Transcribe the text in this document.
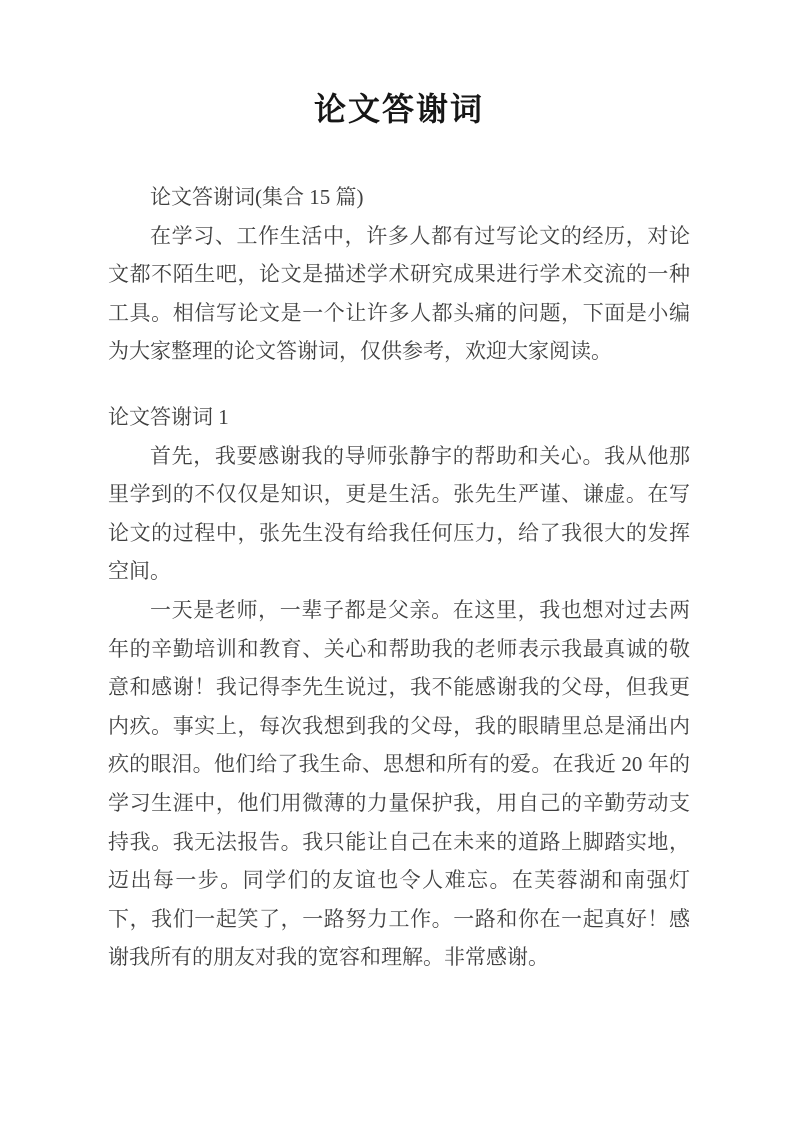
论文答谢词

论文答谢词(集合 15 篇)

在学习、工作生活中，许多人都有过写论文的经历，对论文都不陌生吧，论文是描述学术研究成果进行学术交流的一种工具。相信写论文是一个让许多人都头痛的问题，下面是小编为大家整理的论文答谢词，仅供参考，欢迎大家阅读。

论文答谢词 1

首先，我要感谢我的导师张静宇的帮助和关心。我从他那里学到的不仅仅是知识，更是生活。张先生严谨、谦虚。在写论文的过程中，张先生没有给我任何压力，给了我很大的发挥空间。

一天是老师，一辈子都是父亲。在这里，我也想对过去两年的辛勤培训和教育、关心和帮助我的老师表示我最真诚的敬意和感谢！我记得李先生说过，我不能感谢我的父母，但我更内疚。事实上，每次我想到我的父母，我的眼睛里总是涌出内疚的眼泪。他们给了我生命、思想和所有的爱。在我近 20 年的学习生涯中，他们用微薄的力量保护我，用自己的辛勤劳动支持我。我无法报告。我只能让自己在未来的道路上脚踏实地，迈出每一步。同学们的友谊也令人难忘。在芙蓉湖和南强灯下，我们一起笑了，一路努力工作。一路和你在一起真好！感谢我所有的朋友对我的宽容和理解。非常感谢。
